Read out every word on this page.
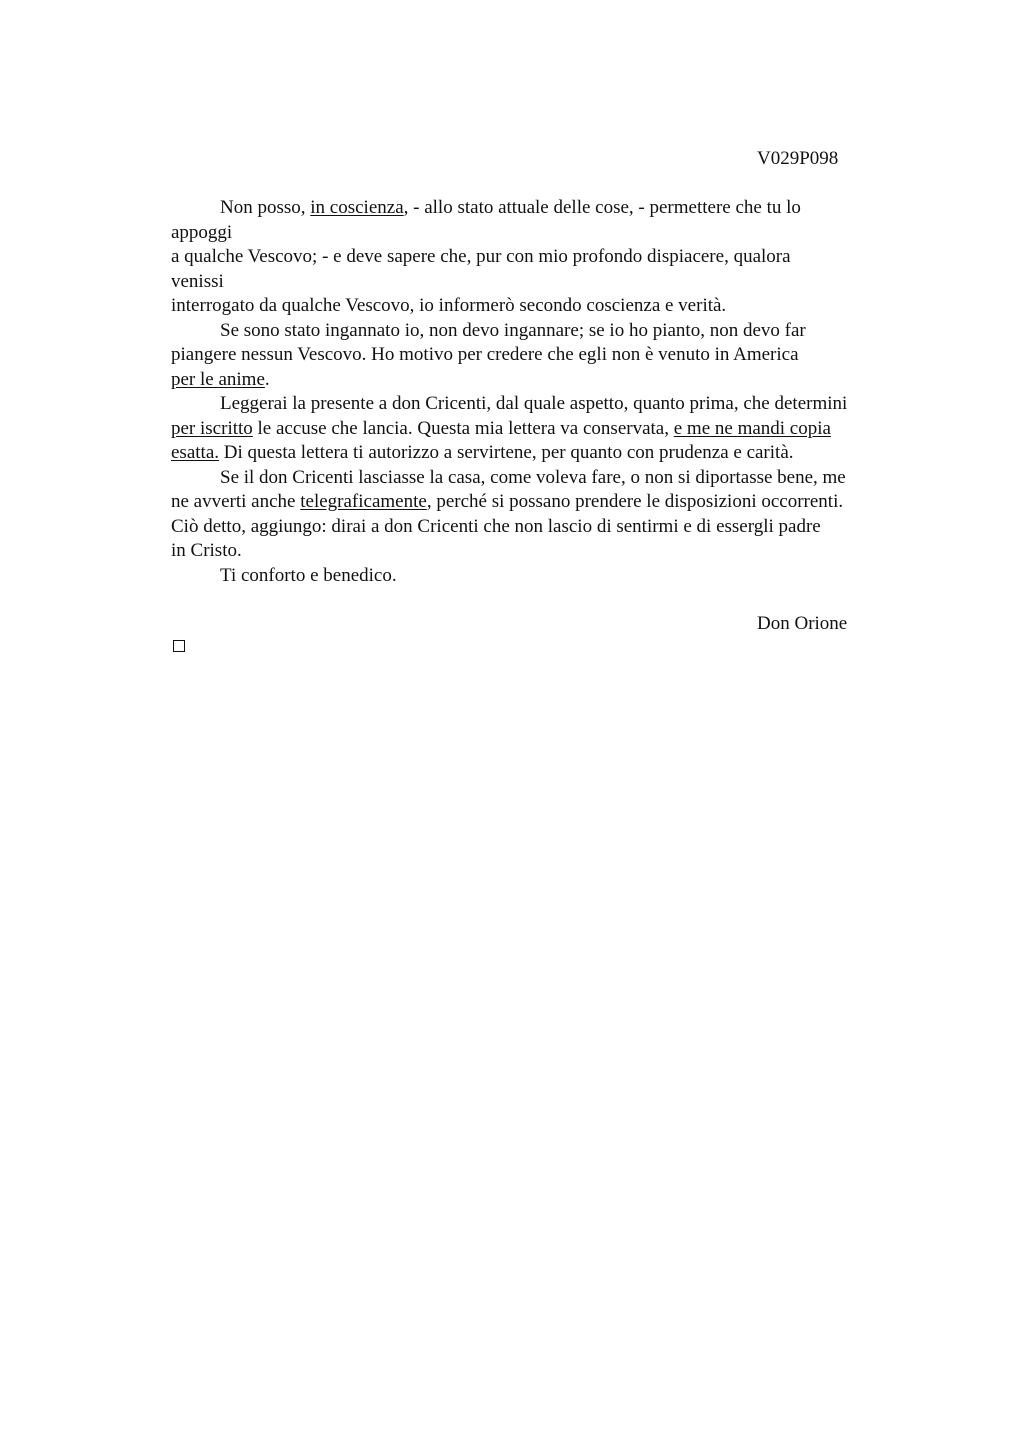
V029P098
Non posso, in coscienza, - allo stato attuale delle cose, - permettere che tu lo
appoggi
a qualche Vescovo; - e deve sapere che, pur con mio profondo dispiacere, qualora
venissi
interrogato da qualche Vescovo, io informerò secondo coscienza e verità.
Se sono stato ingannato io, non devo ingannare; se io ho pianto, non devo far
piangere nessun Vescovo. Ho motivo per credere che egli non è venuto in America
per le anime.
Leggerai la presente a don Cricenti, dal quale aspetto, quanto prima, che determini
per iscritto le accuse che lancia. Questa mia lettera va conservata, e me ne mandi copia
esatta. Di questa lettera ti autorizzo a servirtene, per quanto con prudenza e carità.
Se il don Cricenti lasciasse la casa, come voleva fare, o non si diportasse bene, me
ne avverti anche telegraficamente, perché si possano prendere le disposizioni occorrenti.
Ciò detto, aggiungo: dirai a don Cricenti che non lascio di sentirmi e di essergli padre
in Cristo.
Ti conforto e benedico.
Don Orione
